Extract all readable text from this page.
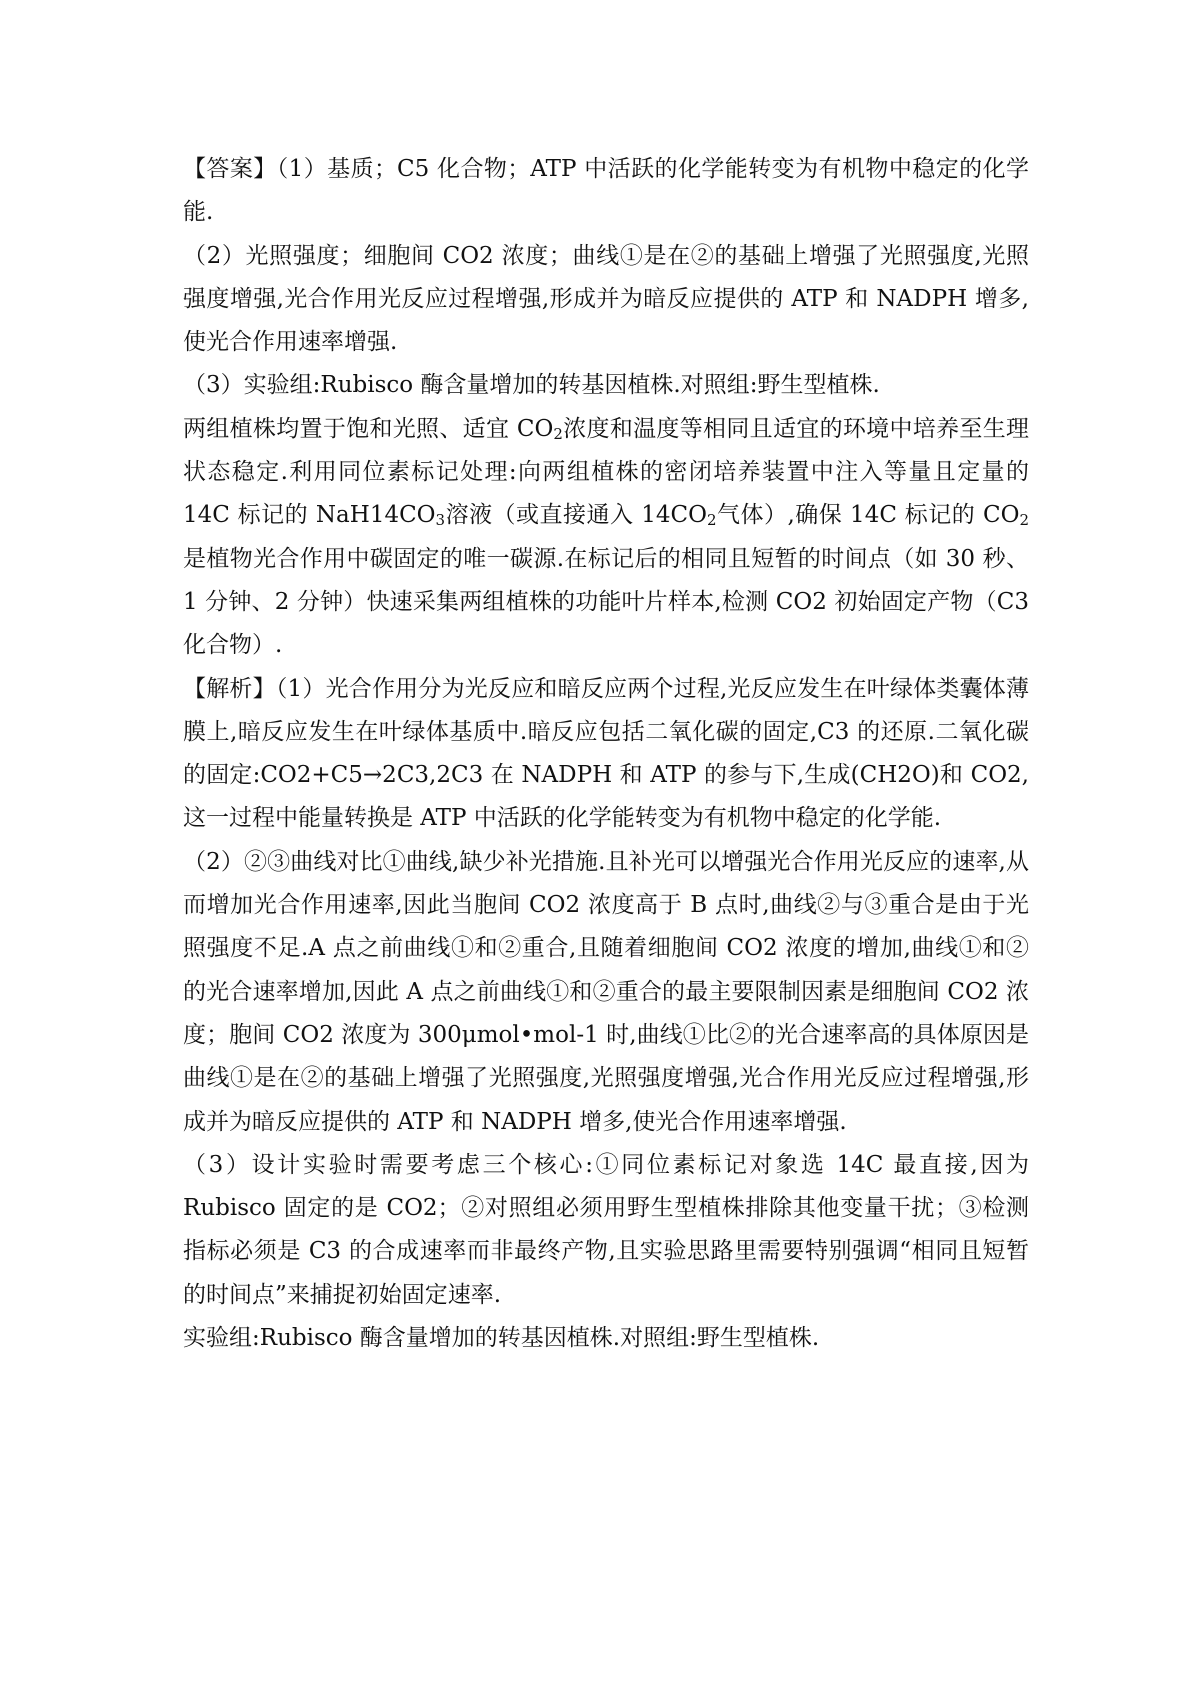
【答案】（1）基质；C5 化合物；ATP 中活跃的化学能转变为有机物中稳定的化学能.

（2）光照强度；细胞间 CO2 浓度；曲线①是在②的基础上增强了光照强度,光照强度增强,光合作用光反应过程增强,形成并为暗反应提供的 ATP 和 NADPH 增多,使光合作用速率增强.

（3）实验组:Rubisco 酶含量增加的转基因植株.对照组:野生型植株.

两组植株均置于饱和光照、适宜 $CO_2$浓度和温度等相同且适宜的环境中培养至生理状态稳定.利用同位素标记处理:向两组植株的密闭培养装置中注入等量且定量的 14C 标记的 $NaH14CO_3$溶液（或直接通入 $14CO_2$气体）,确保 14C 标记的 $CO_2$是植物光合作用中碳固定的唯一碳源.在标记后的相同且短暂的时间点（如 30 秒、1 分钟、2 分钟）快速采集两组植株的功能叶片样本,检测 CO2 初始固定产物（C3 化合物）.

【解析】（1）光合作用分为光反应和暗反应两个过程,光反应发生在叶绿体类囊体薄膜上,暗反应发生在叶绿体基质中.暗反应包括二氧化碳的固定,C3 的还原.二氧化碳的固定:CO2+C5→2C3,2C3 在 NADPH 和 ATP 的参与下,生成(CH2O)和 CO2,这一过程中能量转换是 ATP 中活跃的化学能转变为有机物中稳定的化学能.

（2）②③曲线对比①曲线,缺少补光措施.且补光可以增强光合作用光反应的速率,从而增加光合作用速率,因此当胞间 CO2 浓度高于 B 点时,曲线②与③重合是由于光照强度不足.A 点之前曲线①和②重合,且随着细胞间 CO2 浓度的增加,曲线①和②的光合速率增加,因此 A 点之前曲线①和②重合的最主要限制因素是细胞间 CO2 浓度；胞间 CO2 浓度为 300μmol•mol-1 时,曲线①比②的光合速率高的具体原因是曲线①是在②的基础上增强了光照强度,光照强度增强,光合作用光反应过程增强,形成并为暗反应提供的 ATP 和 NADPH 增多,使光合作用速率增强.

（3）设计实验时需要考虑三个核心:①同位素标记对象选 14C 最直接,因为 Rubisco 固定的是 CO2；②对照组必须用野生型植株排除其他变量干扰；③检测指标必须是 C3 的合成速率而非最终产物,且实验思路里需要特别强调“相同且短暂的时间点”来捕捉初始固定速率.

实验组:Rubisco 酶含量增加的转基因植株.对照组:野生型植株.
